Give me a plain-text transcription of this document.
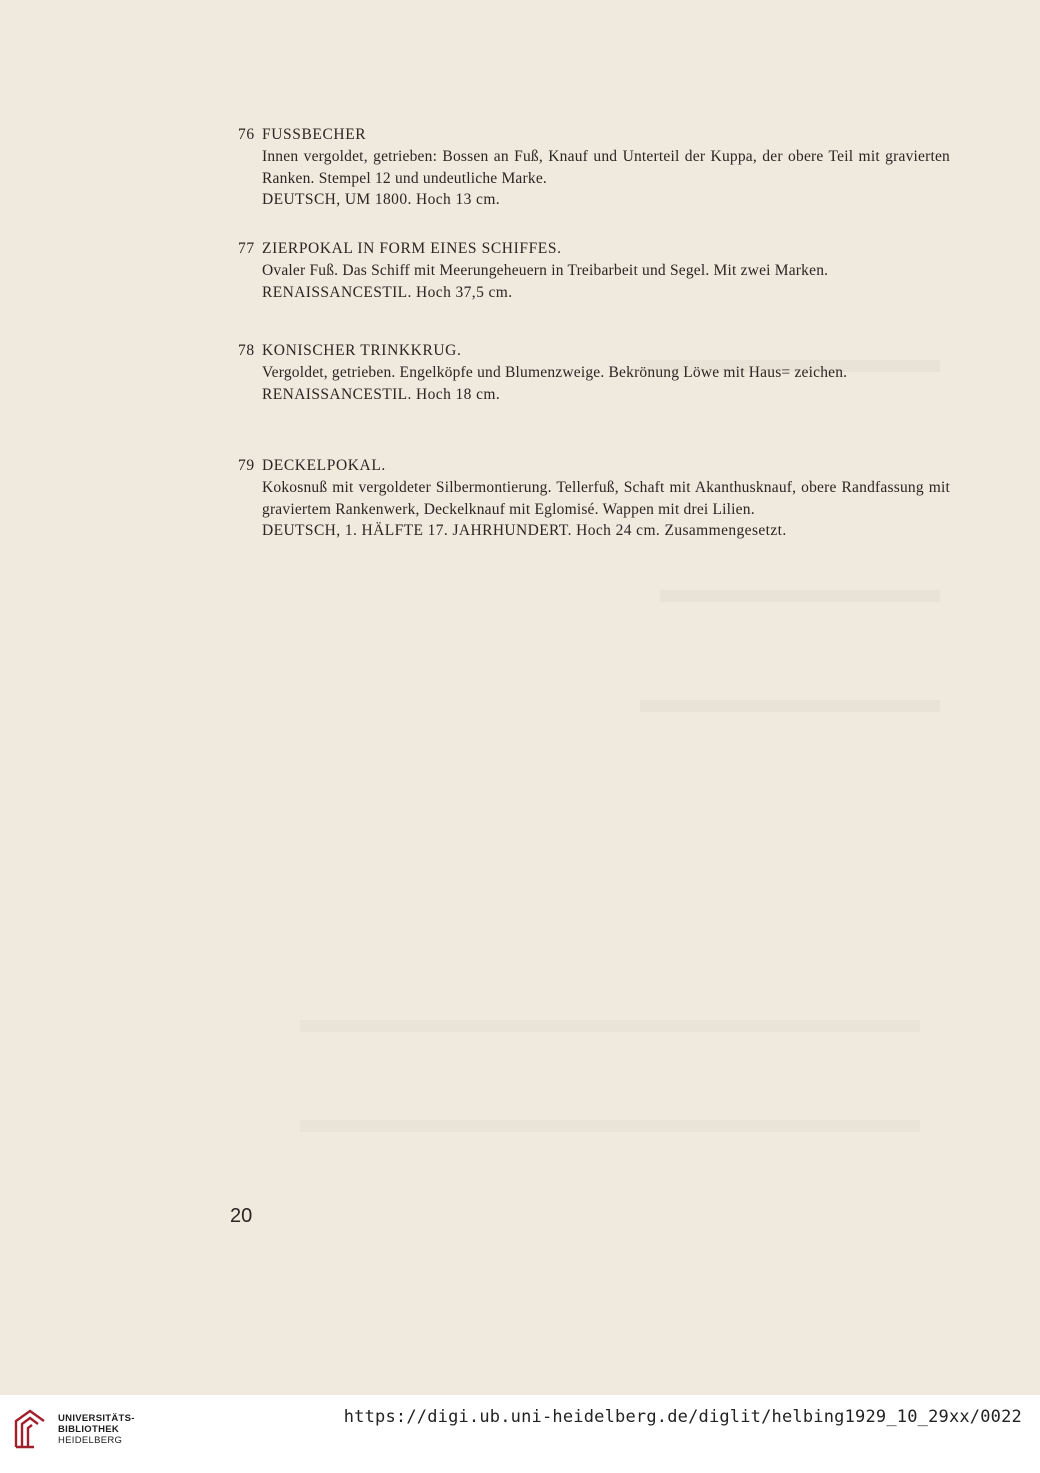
76 FUSSBECHER

Innen vergoldet, getrieben: Bossen an Fuß, Knauf und Unterteil der Kuppa, der obere Teil mit gravierten Ranken. Stempel 12 und undeutliche Marke.

DEUTSCH, UM 1800. Hoch 13 cm.

77 ZIERPOKAL IN FORM EINES SCHIFFES.

Ovaler Fuß. Das Schiff mit Meerungeheuern in Treibarbeit und Segel. Mit zwei Marken.

RENAISSANCESTIL. Hoch 37,5 cm.

78 KONISCHER TRINKKRUG.

Vergoldet, getrieben. Engelköpfe und Blumenzweige. Bekrönung Löwe mit Haus= zeichen.

RENAISSANCESTIL. Hoch 18 cm.

79 DECKELPOKAL.

Kokosnuß mit vergoldeter Silbermontierung. Tellerfuß, Schaft mit Akanthusknauf, obere Randfassung mit graviertem Rankenwerk, Deckelknauf mit Eglomisé. Wappen mit drei Lilien.

DEUTSCH, 1. HÄLFTE 17. JAHRHUNDERT. Hoch 24 cm. Zusammengesetzt.

20
UNIVERSITÄTS-
BIBLIOTHEK
HEIDELBERG
https://digi.ub.uni-heidelberg.de/diglit/helbing1929_10_29xx/0022
